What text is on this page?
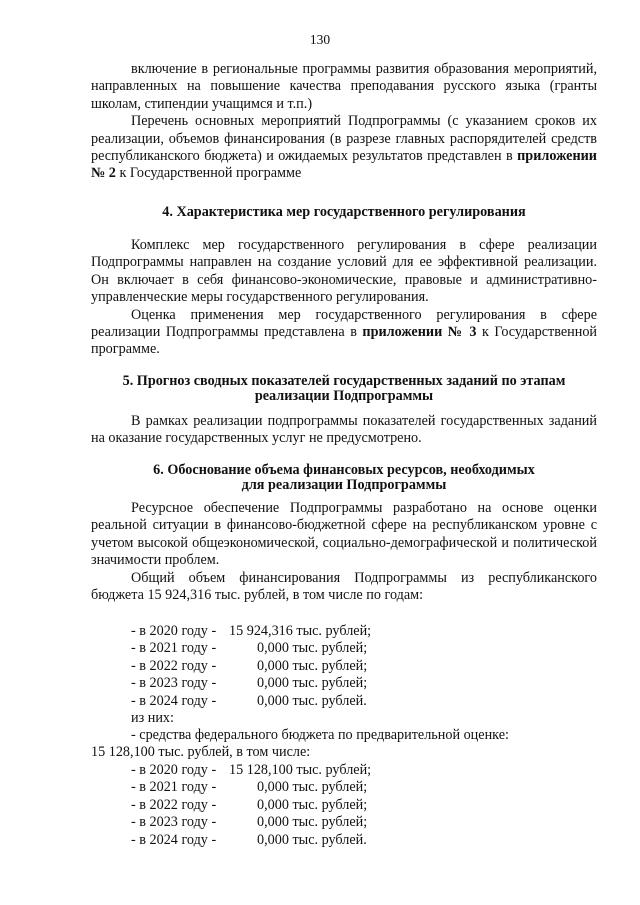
130

включение в региональные программы развития образования мероприятий, направленных на повышение качества преподавания русского языка (гранты школам, стипендии учащимся и т.п.)

Перечень основных мероприятий Подпрограммы (с указанием сроков их реализации, объемов финансирования (в разрезе главных распорядителей средств республиканского бюджета) и ожидаемых результатов представлен в приложении № 2 к Государственной программе

4. Характеристика мер государственного регулирования

Комплекс мер государственного регулирования в сфере реализации Подпрограммы направлен на создание условий для ее эффективной реализации. Он включает в себя финансово-экономические, правовые и административно-управленческие меры государственного регулирования.

Оценка применения мер государственного регулирования в сфере реализации Подпрограммы представлена в приложении № 3 к Государственной программе.

5. Прогноз сводных показателей государственных заданий по этапам
реализации Подпрограммы

В рамках реализации подпрограммы показателей государственных заданий на оказание государственных услуг не предусмотрено.

6. Обоснование объема финансовых ресурсов, необходимых
для реализации Подпрограммы

Ресурсное обеспечение Подпрограммы разработано на основе оценки реальной ситуации в финансово-бюджетной сфере на республиканском уровне с учетом высокой общеэкономической, социально-демографической и политической значимости проблем.

Общий объем финансирования Подпрограммы из республиканского бюджета 15 924,316 тыс. рублей, в том числе по годам:

- в 2020 году - 15 924,316 тыс. рублей;
- в 2021 году -	0,000 тыс. рублей;
- в 2022 году -	0,000 тыс. рублей;
- в 2023 году -	0,000 тыс. рублей;
- в 2024 году -	0,000 тыс. рублей.
из них:

- средства федерального бюджета по предварительной оценке:

15 128,100 тыс. рублей, в том числе:

- в 2020 году - 15 128,100 тыс. рублей;
- в 2021 году -	0,000 тыс. рублей;
- в 2022 году -	0,000 тыс. рублей;
- в 2023 году -	0,000 тыс. рублей;
- в 2024 году -	0,000 тыс. рублей.
